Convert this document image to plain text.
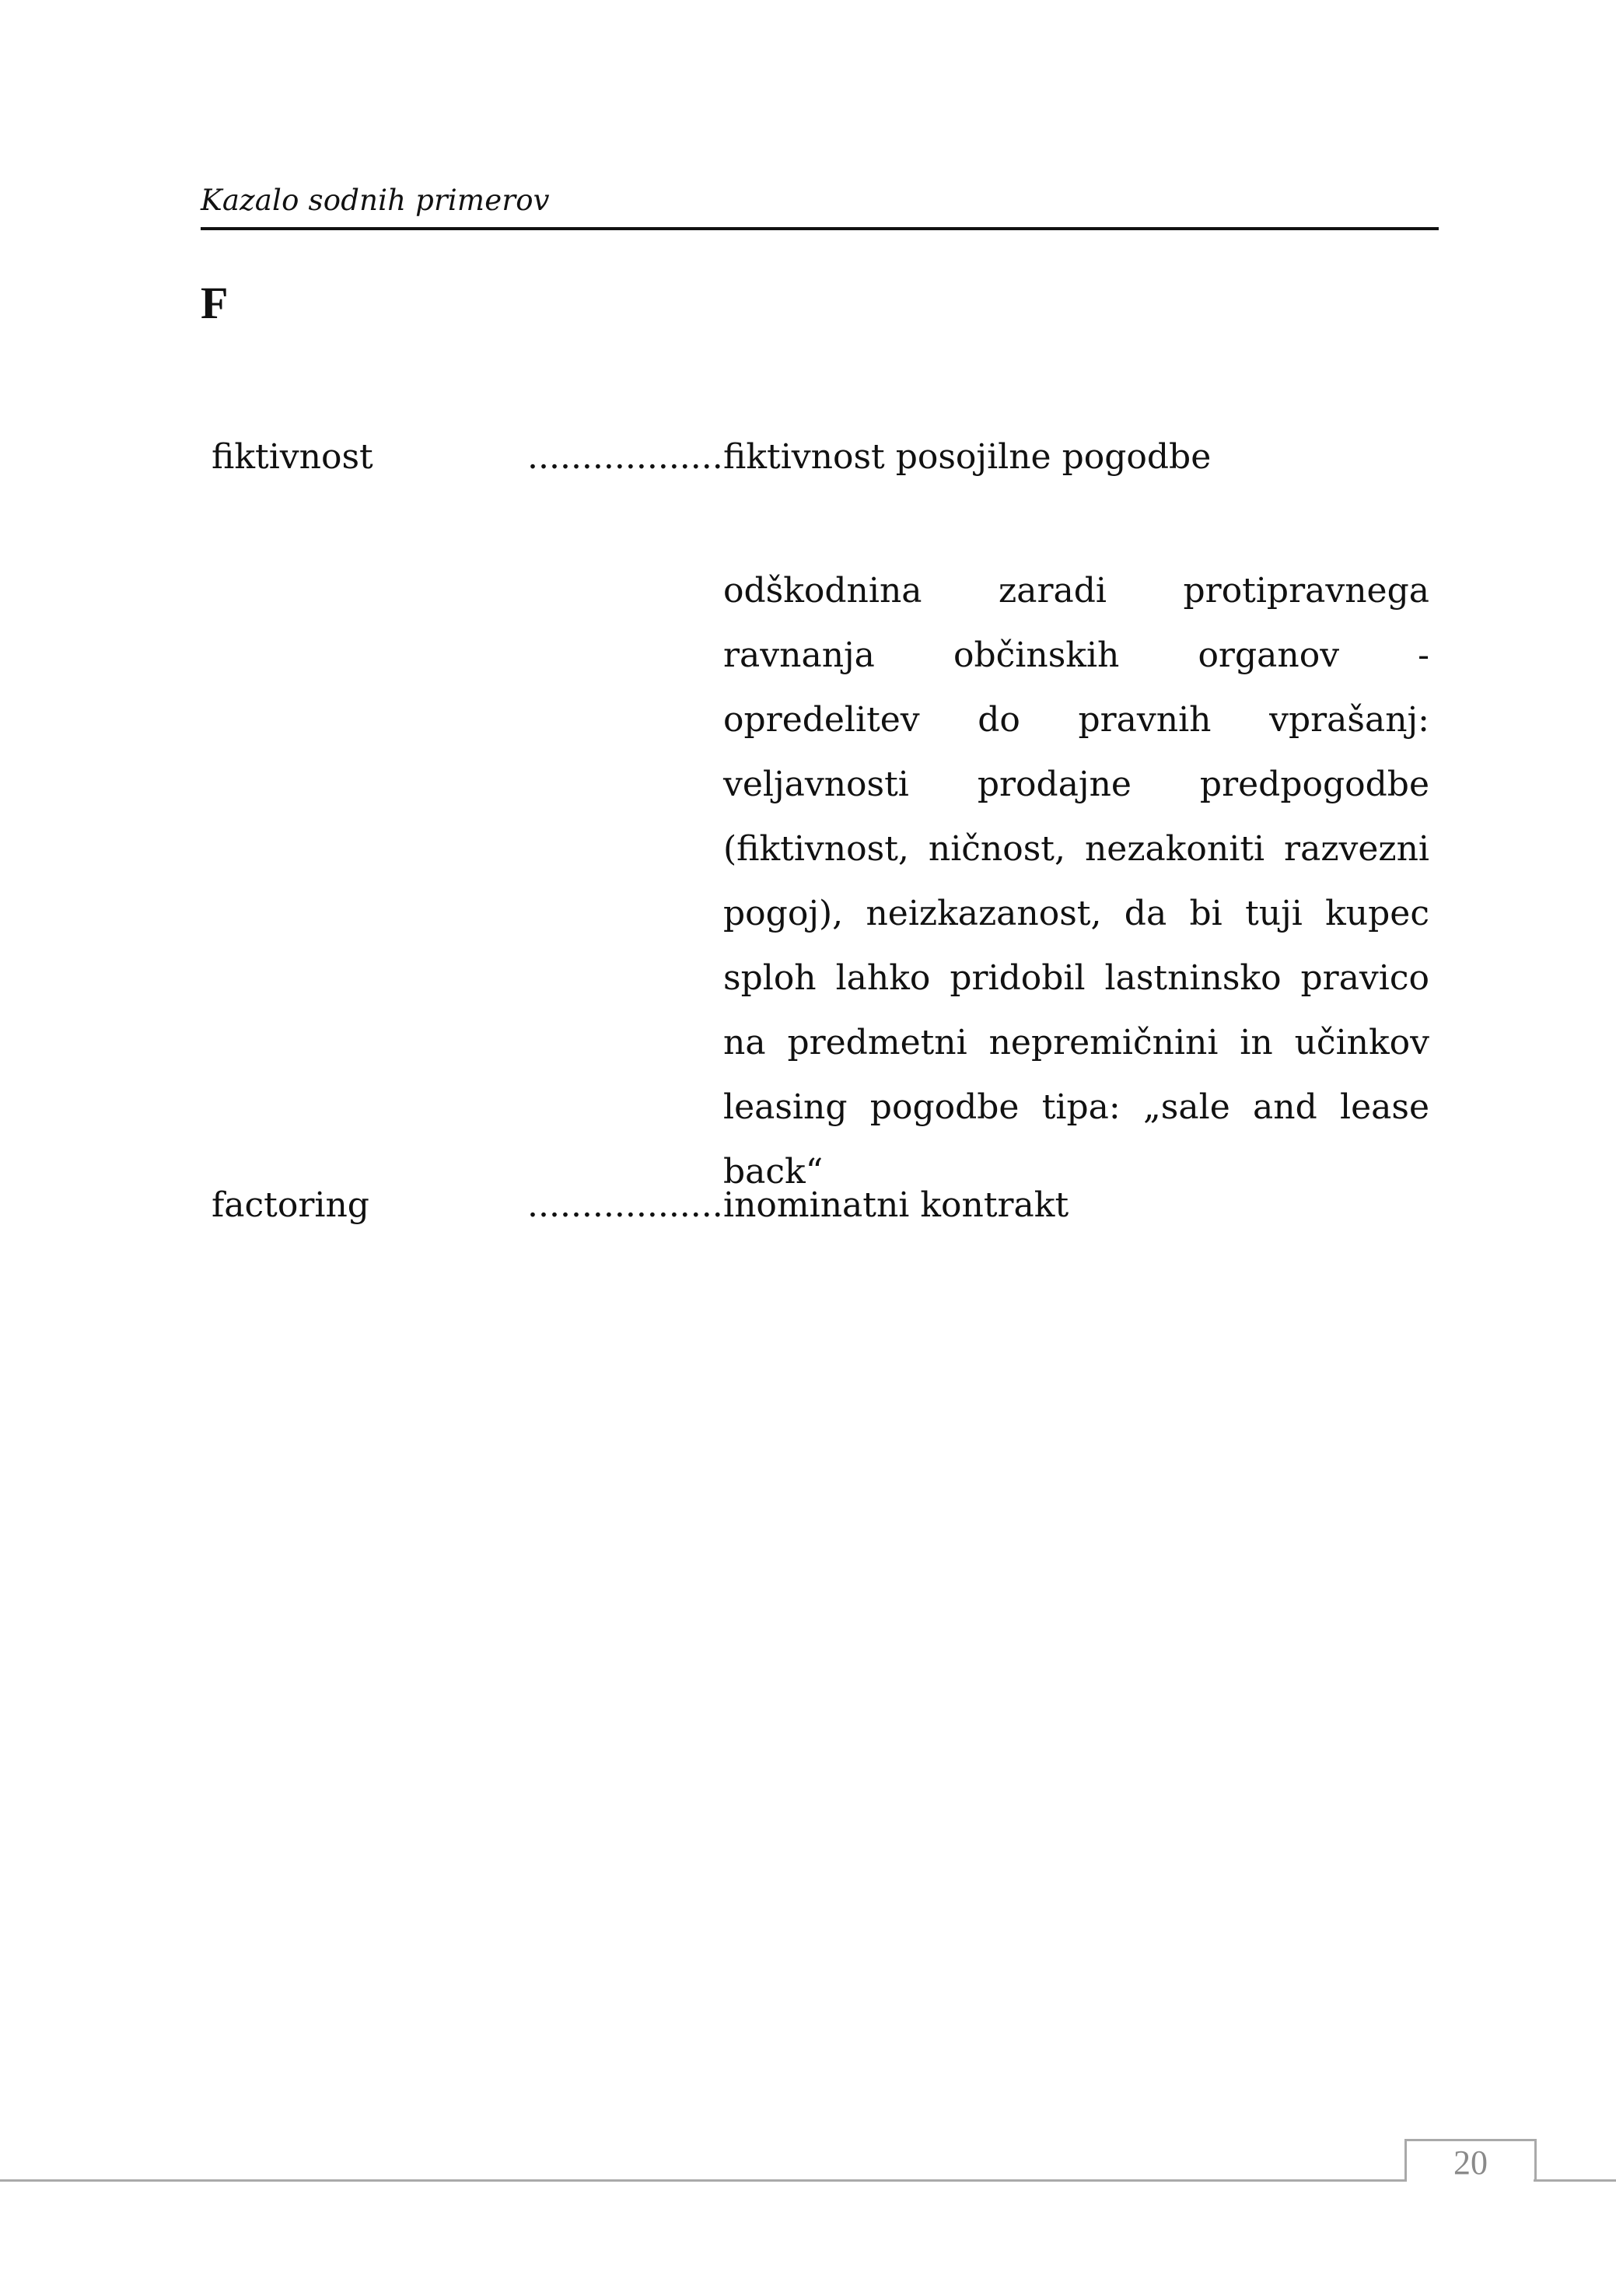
Kazalo sodnih primerov
F
fiktivnost	.................. fiktivnost posojilne pogodbe
odškodnina zaradi protipravnega ravnanja občinskih organov - opredelitev do pravnih vprašanj: veljavnosti prodajne predpogodbe (fiktivnost, ničnost, nezakoniti razvezni pogoj), neizkazanost, da bi tuji kupec sploh lahko pridobil lastninsko pravico na predmetni nepremičnini in učinkov leasing pogodbe tipa: „sale and lease back“
factoring	.................. inominatni kontrakt
20
